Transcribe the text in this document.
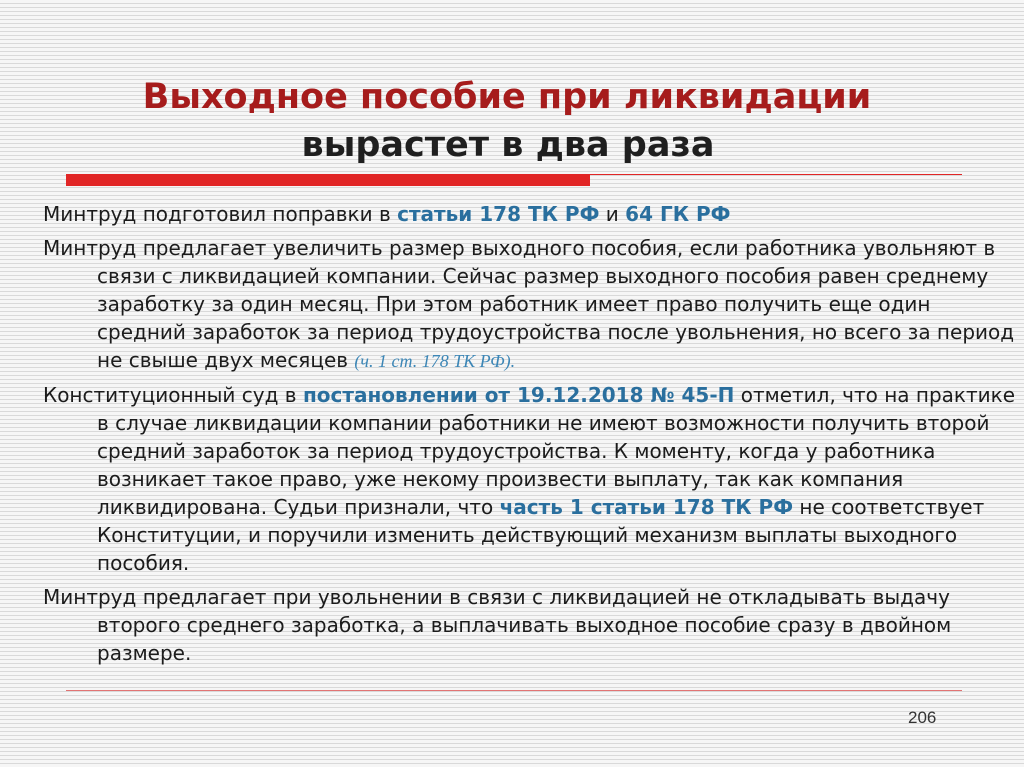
Выходное пособие при ликвидации
вырастет в два раза

Минтруд подготовил поправки в статьи 178 ТК РФ и 64 ГК РФ

Минтруд предлагает увеличить размер выходного пособия, если работника увольняют в связи с ликвидацией компании. Сейчас размер выходного пособия равен среднему заработку за один месяц. При этом работник имеет право получить еще один средний заработок за период трудоустройства после увольнения, но всего за период не свыше двух месяцев (ч. 1 ст. 178 ТК РФ).

Конституционный суд в постановлении от 19.12.2018 № 45-П отметил, что на практике в случае ликвидации компании работники не имеют возможности получить второй средний заработок за период трудоустройства. К моменту, когда у работника возникает такое право, уже некому произвести выплату, так как компания ликвидирована. Судьи признали, что часть 1 статьи 178 ТК РФ не соответствует Конституции, и поручили изменить действующий механизм выплаты выходного пособия.

Минтруд предлагает при увольнении в связи с ликвидацией не откладывать выдачу второго среднего заработка, а выплачивать выходное пособие сразу в двойном размере.

206
